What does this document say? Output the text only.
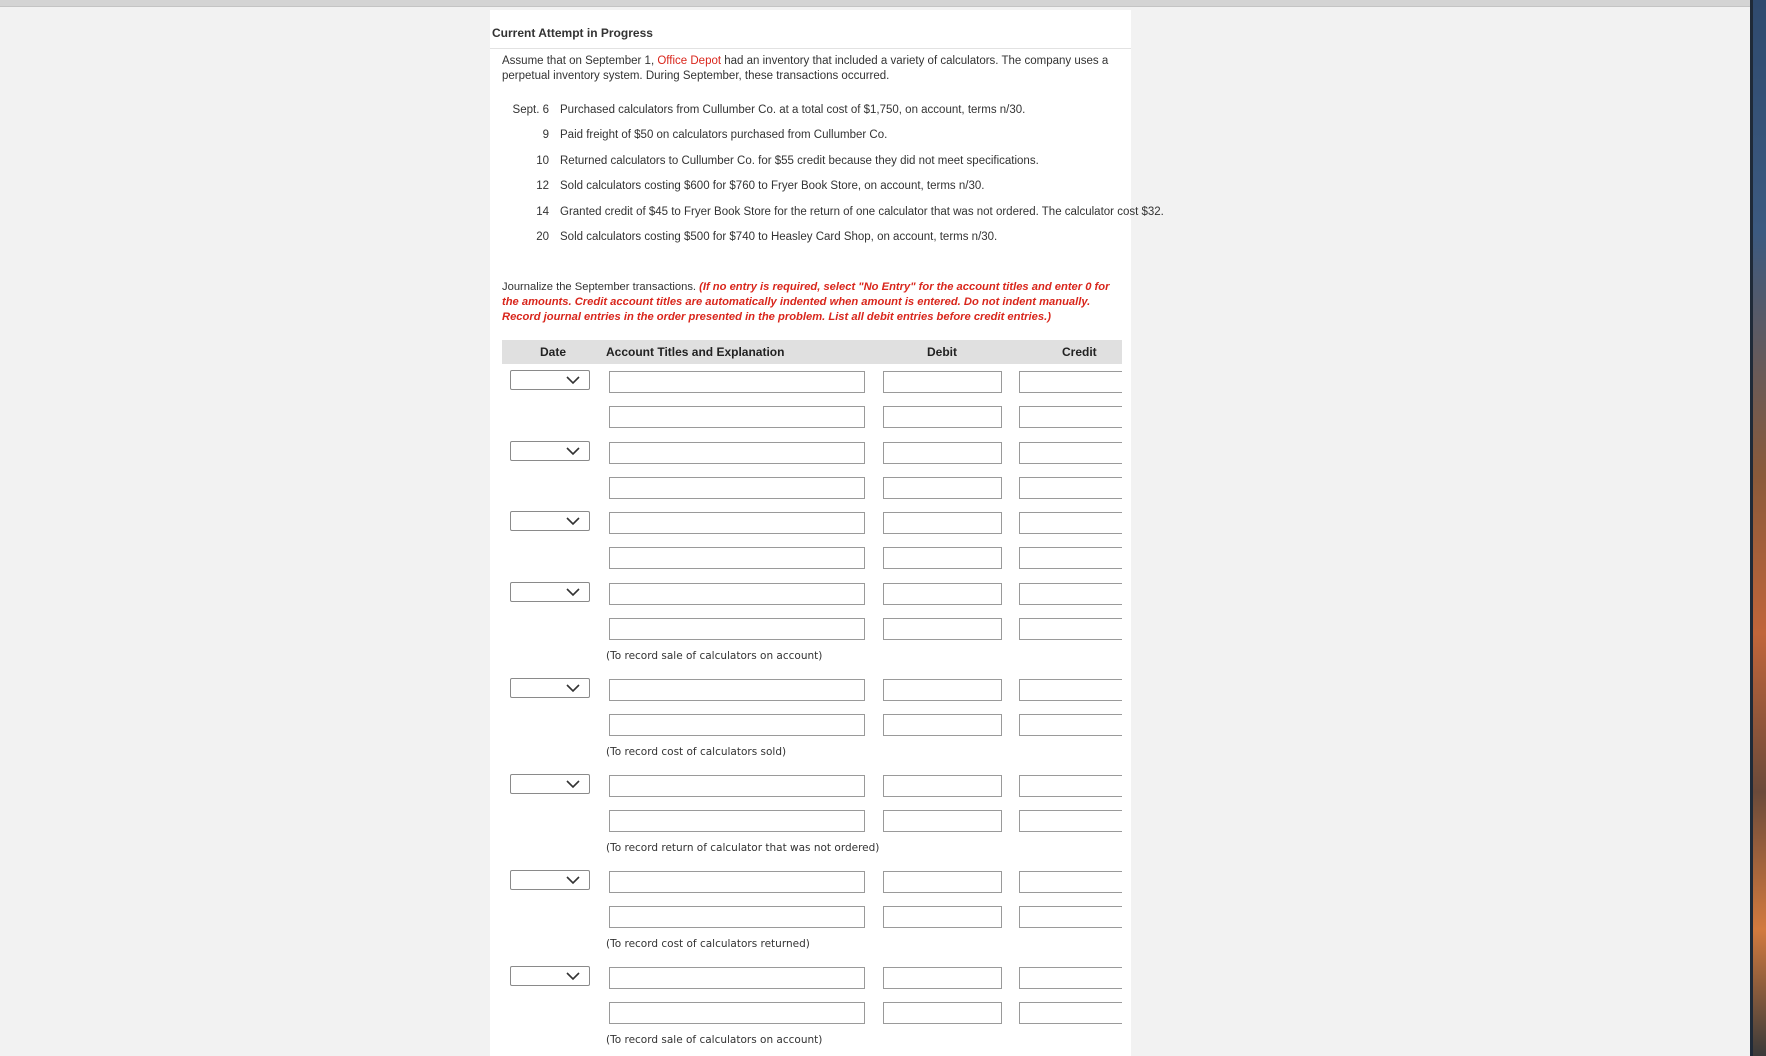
Current Attempt in Progress
Assume that on September 1, Office Depot had an inventory that included a variety of calculators. The company uses a perpetual inventory system. During September, these transactions occurred.
Sept. 6 Purchased calculators from Cullumber Co. at a total cost of $1,750, on account, terms n/30.
9 Paid freight of $50 on calculators purchased from Cullumber Co.
10 Returned calculators to Cullumber Co. for $55 credit because they did not meet specifications.
12 Sold calculators costing $600 for $760 to Fryer Book Store, on account, terms n/30.
14 Granted credit of $45 to Fryer Book Store for the return of one calculator that was not ordered. The calculator cost $32.
20 Sold calculators costing $500 for $740 to Heasley Card Shop, on account, terms n/30.
Journalize the September transactions. (If no entry is required, select "No Entry" for the account titles and enter 0 for the amounts. Credit account titles are automatically indented when amount is entered. Do not indent manually. Record journal entries in the order presented in the problem. List all debit entries before credit entries.)
Date	Account Titles and Explanation	Debit	Credit
(To record sale of calculators on account)
(To record cost of calculators sold)
(To record return of calculator that was not ordered)
(To record cost of calculators returned)
(To record sale of calculators on account)
